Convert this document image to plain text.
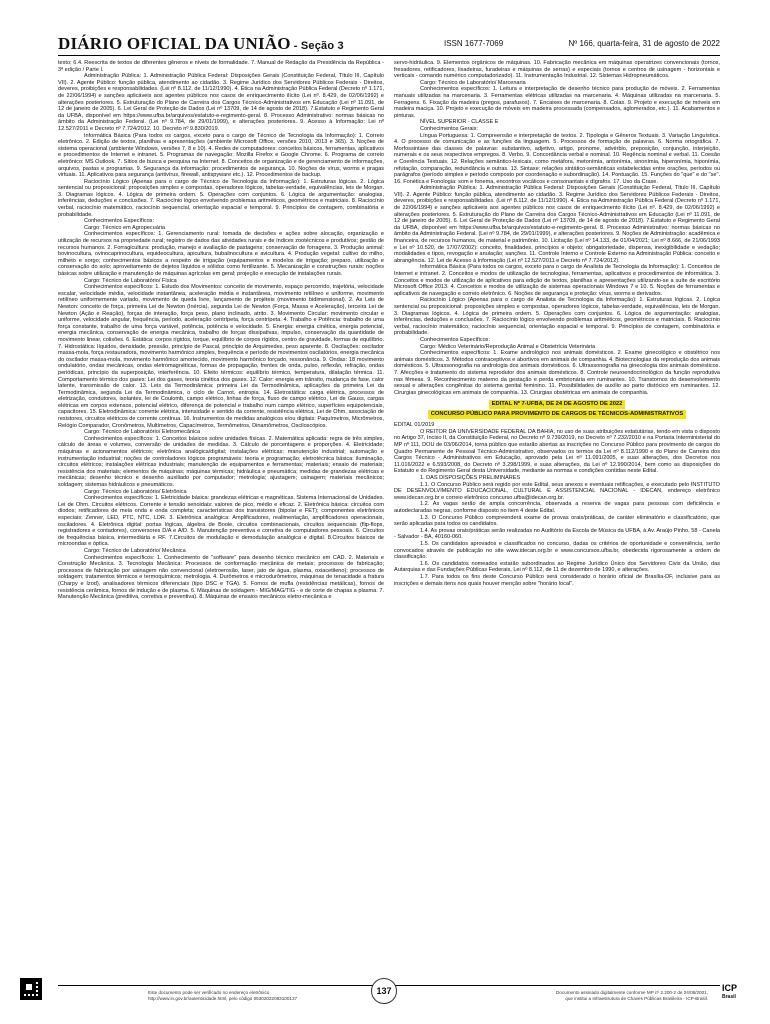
DIÁRIO OFICIAL DA UNIÃO - Seção 3	ISSN 1677-7069	Nº 166, quarta-feira, 31 de agosto de 2022

texto; 6.4. Reescrita de textos de diferentes gêneros e níveis de formalidade. 7. Manual de Redação da Presidência da República - 3ª edição / Parte I.

Administração Pública: 1. Administração Pública Federal: Disposições Gerais (Constituição Federal, Título III, Capítulo VII). 2. Agente Público: função pública, atendimento ao cidadão. 3. Regime Jurídico dos Servidores Públicos Federais - Direitos, deveres, proibições e responsabilidades. (Lei nº 8.112, de 11/12/1990). 4. Ética na Administração Pública Federal (Decreto nº 1.171, de 22/06/1994) e sanções aplicáveis aos agentes públicos nos casos de enriquecimento ilícito (Lei nº. 8.429, de 02/06/1992) e alterações posteriores. 5. Estruturação do Plano de Carreira dos Cargos Técnico-Administrativos em Educação (Lei nº 11.091, de 12 de janeiro de 2005). 6. Lei Geral de Proteção de Dados (Lei nº 13709, de 14 de agosto de 2018). 7.Estatuto e Regimento Geral da UFBA, disponível em https://www.ufba.br/arquivos/estatuto-e-regimento-geral. 8. Processo Administrativo: normas básicas no âmbito da Administração Federal. (Lei nº 9.784, de 29/01/1999), e alterações posteriores. 9. Acesso à Informação: Lei nº 12.527/2011 e Decreto nº 7.724/2012. 10. Decreto nº 9.830/2019.

Informática Básica (Para todos os cargos, exceto para o cargo de Técnico de Tecnologia da Informação): 1. Correio eletrônico. 2. Edição de textos, planilhas e apresentações (ambiente Microsoft Office, versões 2010, 2013 e 365). 3. Noções de sistema operacional (ambiente Windows, versões 7, 8 e 10). 4. Redes de computadores: conceitos básicos, ferramentas, aplicativos e procedimentos de Internet e intranet. 5. Programas de navegação: Mozilla Firefox e Google Chrome. 6. Programa de correio eletrônico: MS Outlook. 7. Sítios de busca e pesquisa na Internet. 8. Conceitos de organização e de gerenciamento de informações, arquivos, pastas e programas. 9. Segurança da informação: procedimentos de segurança. 10. Noções de vírus, worms e pragas virtuais. 11. Aplicativos para segurança (antivírus, firewall, antispyware etc.). 12. Procedimentos de backup.

Raciocínio Lógico (Apenas para o cargo de Técnico de Tecnologia da Informação): 1. Estruturas lógicas. 2. Lógica sentencial ou proposicional: proposições simples e compostas, operadores lógicos, tabelas-verdade, equivalências, leis de Morgan. 3. Diagramas lógicos. 4. Lógica de primeira ordem. 5. Operações com conjuntos. 6. Lógica de argumentação: analogias, inferências, deduções e conclusões. 7. Raciocínio lógico envolvendo problemas aritméticos, geométricos e matriciais. 8. Raciocínio verbal, raciocínio matemático, raciocínio sequencial, orientação espacial e temporal. 9. Princípios de contagem, combinatória e probabilidade.

Conhecimentos Específicos:

Cargo: Técnico em Agropecuária

Conhecimentos específicos: 1. Gerenciamento rural: tomada de decisões e ações sobre alocação, organização e utilização de recursos na propriedade rural; registro de dados das atividades rurais e de índices zootécnicos e produtivos; gestão de recursos humanos. 2. Forragicultura: produção, manejo e avaliação de pastagens; conservação de forragens. 3. Produção animal: bovinocultura, ovinocaprinocultura, equideocultura, apicultura, bubalinocultura e avicultura. 4. Produção vegetal: cultivo do milho, milheto e sorgo; conhecimentos básicos a respeito de irrigação (equipamentos e modelos de irrigação; preparo, utilização e conservação do solo; aproveitamento de dejetos líquidos e sólidos como fertilizante. 5. Mecanização e construções rurais: noções básicas sobre utilização e manutenção de máquinas agrícolas em geral; projeção e execução de instalações rurais.

Cargo: Técnico de Laboratório/ Física

Conhecimentos específicos: 1. Estudo dos Movimentos: conceito de movimento, espaço percorrido, trajetória, velocidade escalar, velocidade média, velocidade instantânea, aceleração média e instantânea, movimento retilíneo e uniforme, movimento retilíneo uniformemente variado, movimento de queda livre, lançamento de projéteis (movimento bidimensional). 2. As Leis de Newton: conceito de força, primeira Lei de Newton (Inércia), segunda Lei de Newton (Força, Massa e Aceleração), terceira Lei de Newton (Ação e Reação), forças de interação, força peso, plano inclinado, atrito. 3. Movimento Circular: movimento circular e uniforme, velocidade angular, frequência, período, aceleração centrípeta, força centrípeta. 4. Trabalho e Potência: trabalho de uma força constante, trabalho de uma força variável, potência, potência e velocidade. 5. Energia: energia cinética, energia potencial, energia mecânica, conservação de energia mecânica, trabalho de forças dissipativas, impulso, conservação da quantidade de movimento linear, colisões. 6. Estática: corpos rígidos, torque, equilíbrio de corpos rígidos, centro de gravidade, formas de equilíbrio. 7. Hidrostática: líquidos, densidade, pressão, princípio de Pascal, princípio de Arquimedes, peso aparente. 8. Oscilações: oscilador massa-mola, força restauradora, movimento harmônico simples, frequência e período de movimentos oscilatórios, energia mecânica do oscilador massa-mola, movimento harmônico amortecido, movimento harmônico forçado, ressonância. 9. Ondas: 18 movimento ondulatório, ondas mecânicas, ondas eletromagnéticas, formas de propagação, frentes de onda, pulso, reflexão, refração, ondas periódicas, princípio da superposição, interferência. 10. Efeito térmicos: equilíbrio térmico, temperatura, dilatação térmica. 11. Comportamento térmico dos gases: Lei dos gases, teoria cinética dos gases. 12. Calor: energia em trânsito, mudança de fase, calor latente, transmissão de calor. 13. Leis da Termodinâmica: primeira Lei da Termodinâmica, aplicações da primeira Lei da Termodinâmica, segunda Lei da Termodinâmica, o ciclo de Carnot, entropia. 14. Eletrostática: carga elétrica, processos de eletrização, condutores, isolantes, lei de Coulomb, campo elétrico, linhas de força, fluxo de campo elétrico, Lei de Gauss, cargas elétricas em corpos extensos, potencial elétrico, diferença de potencial e trabalho num campo elétrico, superfícies equipotenciais, capacitores. 15. Eletrodinâmica: corrente elétrica, intensidade e sentido da corrente, resistência elétrica, Lei de Ohm, associação de resistores, circuitos elétricos de corrente contínua. 16. Instrumentos de medidas analógicos e/ou digitais: Paquímetros, Micrômetros, Relógio Comparador, Cronômetros, Multímetros, Capacímetros, Termômetros, Dinamômetros, Osciloscópios.

Cargo: Técnico de Laboratório/ Eletromecânica

Conhecimentos específicos: 1. Conceitos básicos sobre unidades físicas. 2. Matemática aplicada: regra de três simples, cálculo de áreas e volumes, conversão de unidades de medidas. 3. Cálculo de porcentagens e proporções. 4. Eletricidade; máquinas e acionamentos elétricos; eletrônica analógica/digital; instalações elétricas; manutenção industrial; automação e instrumentação industrial; noções de controladores lógicos programáveis: teoria e programação; eletrotécnica básica: iluminação, circuitos elétricos; instalações elétricas industriais; manutenção de equipamentos e ferramentas; materiais; ensaio de materiais; resistência dos materiais; elementos de máquinas; máquinas térmicas; hidráulica e pneumática; medidas de grandezas elétricas e mecânicas; desenho técnico e desenho auxiliado por computador; metrologia; ajustagem; usinagem; materiais mecânicos; soldagem; sistemas hidráulicos e pneumáticos.

Cargo: Técnico de Laboratório/ Eletrônica

Conhecimentos específicos: 1. Eletricidade básica: grandezas elétricas e magnéticas. Sistema Internacional de Unidades. Lei de Ohm. Circuitos elétricos. Corrente e tensão senoidais: valores de pico, médio e eficaz. 2. Eletrônica básica: circuitos com diodos; retificadores de meia onda e onda completa; características dos transistores (bipolar e FET); componentes eletrônicos especiais: Zenner, LED, PTC, NTC, LDR. 3. Eletrônica analógica: Amplificadores, realimentação, amplificadores operacionais, osciladores. 4. Eletrônica digital: portas lógicas, álgebra de Boole, circuitos combinacionais, circuitos sequenciais (flip-flops, registradores e contadores), conversores D/A e A/D. 5. Manutenção preventiva e corretiva de computadores pessoais. 6. Circuitos de frequências básica, intermediária e RF. 7.Circuitos de modulação e demodulação analógica e digital. 8.Circuitos básicos de microondas e óptica.

Cargo: Técnico de Laboratório/ Mecânica

Conhecimentos específicos: 1. Conhecimento de "software" para desenho técnico mecânico em CAD. 2. Materiais e Construção Mecânica. 3. Tecnologia Mecânica: Processos de conformação mecânica de metais; processos de fabricação; processos de fabricação por usinagem não convencional (eletroerosão, laser, jato de água, plasma, oxiacetileno); processos de soldagem; tratamentos térmicos e termoquímicos; metrologia. 4. Durômetros e microdurômetros, máquinas de tenacidade a fratura (Charpy e Izod), analisadores térmicos diferenciais (tipo DSC e TGA). 5. Fornos de mufla (resistências metálicas), fornos de resistência cerâmica, fornos de indução e de plasma. 6. Máquinas de soldagem - MIG/MAG/TIG - e de corte de chapas a plasma. 7. Manutenção Mecânica (preditiva, corretiva e preventiva). 8. Máquinas de ensaios mecânicos eletro-mecânica e

servo-hidráulica. 9. Elementos orgânicos de máquinas. 10. Fabricação mecânica em máquinas operatrizes convencionais (tornos, fresadores, retificadores, lixadeiras, furadeiras e máquinas de serras) e especiais (tornos e centros de usinagem - horizontais e verticais - comando numérico computadorizado). 11. Instrumentação Industrial. 12. Sistemas Hidropneumáticos.

Cargo: Técnico de Laboratório/ Marcenaria

Conhecimentos específicos: 1. Leitura e interpretação de desenho técnico para produção de móveis. 2. Ferramentas manuais utilizadas na marcenaria. 3. Ferramentas elétricas utilizadas na marcenaria. 4. Máquinas utilizadas na marcenaria. 5. Ferragens. 6. Fixação da madeira (pregos, parafusos). 7. Encaixes de marcenaria. 8. Colas. 9. Projeto e execução de móveis em madeira maciça. 10. Projeto e execução de móveis em madeira processada (compensados, aglomerados, etc.). 11. Acabamentos e pinturas.

NÍVEL SUPERIOR - CLASSE E

Conhecimentos Gerais:

Língua Portuguesa: 1. Compreensão e interpretação de textos. 2. Tipologia e Gêneros Textuais. 3. Variação Linguística. 4. O processo de comunicação e as funções da linguagem. 5. Processos de formação de palavras. 6. Norma ortográfica. 7. Morfossintaxe das classes de palavras: substantivo, adjetivo, artigo, pronome, advérbio, preposição, conjunção, interjeição, numerais e os seus respectivos empregos. 8. Verbo. 9. Concordância verbal e nominal. 10. Regência nominal e verbal. 11. Coesão e Coerência Textuais. 12. Relações semântico-lexicais, como metáfora, metonímia, antonímia, sinonímia, hiperonímia, hiponímia, refutação, comparação, redundância e outras. 13. Sintaxe: relações sintático-semânticas estabelecidas entre orações, períodos ou parágrafos (período simples e período composto por coordenação e subordinação). 14. Pontuação. 15. Funções do "que" e do "se". 16. Fonética e Fonologia: som e fonema, encontros vocálicos e consonantais e dígrafos. 17. Uso da Crase.

Administração Pública: 1. Administração Pública Federal: Disposições Gerais (Constituição Federal, Título III, Capítulo VII). 2. Agente Público: função pública, atendimento ao cidadão. 3. Regime Jurídico dos Servidores Públicos Federais - Direitos, deveres, proibições e responsabilidades. (Lei nº 8.112, de 11/12/1990). 4. Ética na Administração Pública Federal (Decreto nº 1.171, de 22/06/1994) e sanções aplicáveis aos agentes públicos nos casos de enriquecimento ilícito (Lei nº. 8.429, de 02/06/1992) e alterações posteriores. 5. Estruturação do Plano de Carreira dos Cargos Técnico-Administrativos em Educação (Lei nº 11.091, de 12 de janeiro de 2005). 6. Lei Geral de Proteção de Dados (Lei nº 13709, de 14 de agosto de 2018). 7.Estatuto e Regimento Geral da UFBA, disponível em https://www.ufba.br/arquivos/estatuto-e-regimento-geral. 8. Processo Administrativo: normas básicas no âmbito da Administração Federal. (Lei nº 9.784, de 29/01/1999), e alterações posteriores. 9. Noções de Administração: acadêmica e financeira, de recursos humanos, de material e patrimônio. 10. Licitação (Lei nº 14.133, de 01/04/2021; Lei nº 8.666, de 21/06/1993 e Lei nº 10.520, de 17/07/2002): conceito, finalidades, princípios e objeto; obrigatoriedade, dispensa, inexigibilidade e vedação; modalidades e tipos, revogação e anulação; sanções. 11. Controle Interno e Controle Externo na Administração Pública: conceito e abrangência. 12. Lei de Acesso à Informação (Lei nº 12.527/2011 e Decreto nº 7.724/2012).

Informática Básica (Para todos os cargos, exceto para o cargo de Analista de Tecnologia da Informação): 1. Conceitos de Internet e intranet. 2. Conceitos e modos de utilização de tecnologias, ferramentas, aplicativos e procedimentos de informática. 3. Conceitos e modos de utilização de aplicativos para edição de textos, planilhas e apresentações utilizando-se a suíte de escritório Microsoft Office 2013. 4. Conceitos e modos de utilização de sistemas operacionais Windows 7 e 10. 5. Noções de ferramentas e aplicativos de navegação e correio eletrônico. 6. Noções de segurança e proteção: vírus, worms e derivados.

Raciocínio Lógico (Apenas para o cargo de Analista de Tecnologia da Informação): 1. Estruturas lógicas. 2. Lógica sentencial ou proposicional: proposições simples e compostas, operadores lógicos, tabelas-verdade, equivalências, leis de Morgan. 3. Diagramas lógicos. 4. Lógica de primeira ordem. 5. Operações com conjuntos. 6. Lógica de argumentação: analogias, inferências, deduções e conclusões. 7. Raciocínio lógico envolvendo problemas aritméticos, geométricos e matriciais. 8. Raciocínio verbal, raciocínio matemático, raciocínio sequencial, orientação espacial e temporal. 9. Princípios de contagem, combinatória e probabilidade.

Conhecimentos Específicos:

Cargo: Médico Veterinário/Reprodução Animal e Obstetrícia Veterinária

Conhecimentos específicos: 1. Exame andrológico nos animais domésticos. 2. Exame ginecológico e obstétrico nos animais domésticos. 3. Métodos contraceptivos e abortivos em animais de companhia. 4. Biotecnologias da reprodução dos animais domésticos. 5. Ultrassonografia na andrologia dos animais domésticos. 6. Ultrassonografia na ginecologia dos animais domésticos. 7. Afecções e tratamento do sistema reprodutor dos animais domésticos. 8. Controle neuroendocrinológico da função reprodutiva nas fêmeas. 9. Reconhecimento materno da gestação e perda embrionária em ruminantes. 10. Transtornos do desenvolvimento sexual e alterações congênitas do sistema genital feminino. 11. Possibilidades de auxílio ao parto distócico em ruminantes. 12. Cirurgias ginecológicas em animais de companhia. 13. Cirurgias obstétricas em animais de companhia.

EDITAL Nº 7-UFBA, DE 24 DE AGOSTO DE 2022
CONCURSO PÚBLICO PARA PROVIMENTO DE CARGOS DE TÉCNICOS-ADMINISTRATIVOS

EDITAL 01/2019

O REITOR DA UNIVERSIDADE FEDERAL DA BAHIA, no uso de suas atribuições estatutárias, tendo em vista o disposto no Artigo 37, Inciso II, da Constituição Federal, no Decreto nº 9.739/2019, no Decreto nº 7.232/2010 e na Portaria Interministerial do MP nº 111, DOU de 03/06/2014, torna público que estarão abertas as inscrições no Concurso Público para provimento de cargos do Quadro Permanente de Pessoal Técnico-Administrativo, observados os termos da Lei nº 8.112/1990 e do Plano de Carreira dos Cargos Técnico - Administrativos em Educação, aprovado pela Lei nº 11.091/2005, e suas alterações, dos Decretos nos 11.016/2022 e 6.593/2008, do Decreto nº 3.298/1999, e suas alterações, da Lei nº 12.990/2014, bem como as disposições do Estatuto e do Regimento Geral desta Universidade, mediante as normas e condições contidas neste Edital.

1. DAS DISPOSIÇÕES PRELIMINARES

1.1. O Concurso Público será regido por este Edital, seus anexos e eventuais retificações, e executado pelo INSTITUTO DE DESENVOLVIMENTO EDUCACIONAL, CULTURAL E ASSISTENCIAL NACIONAL - IDECAN, endereço eletrônico www.idecan.org.br e correio eletrônico concurso.ufba@idecan.org.br.

1.2. As vagas serão de ampla concorrência, observada a reserva de vagas para pessoas com deficiência e autodeclaradas negras, conforme disposto no item 4 deste Edital.

1.3. O Concurso Público compreenderá exame de provas orais/práticas, de caráter eliminatório e classificatório, que serão aplicadas para todos os candidatos.

1.4. As provas orais/práticas serão realizadas no Auditório da Escola de Música da UFBA, à Av. Araújo Pinho, 58 - Canela - Salvador - BA, 40160-060.

1.5. Os candidatos aprovados e classificados no concurso, dadas os critérios de oportunidade e conveniência, serão convocados através de publicação no site www.idecan.org.br e www.concursos.ufba.br, obedecida rigorosamente a ordem de classificação.

1.6. Os candidatos nomeados estarão subordinados ao Regime Jurídico Único dos Servidores Civis da União, das Autarquias e das Fundações Públicas Federais, Lei nº 8.112, de 11 de dezembro de 1990, e alterações.

1.7. Para todos os fins deste Concurso Público será considerado o horário oficial de Brasília-DF, inclusive para as inscrições e demais itens nos quais houver menção sobre "horário local".

Este documento pode ser verificado no endereço eletrônico
http://www.in.gov.br/autenticidade.html, pelo código 05302022083100137
137	Documento assinado digitalmente conforme MP nº 2.200-2 de 24/08/2001,
que institui a Infraestrutura de Chaves Públicas Brasileira - ICP-Brasil.
ICP
Brasil
